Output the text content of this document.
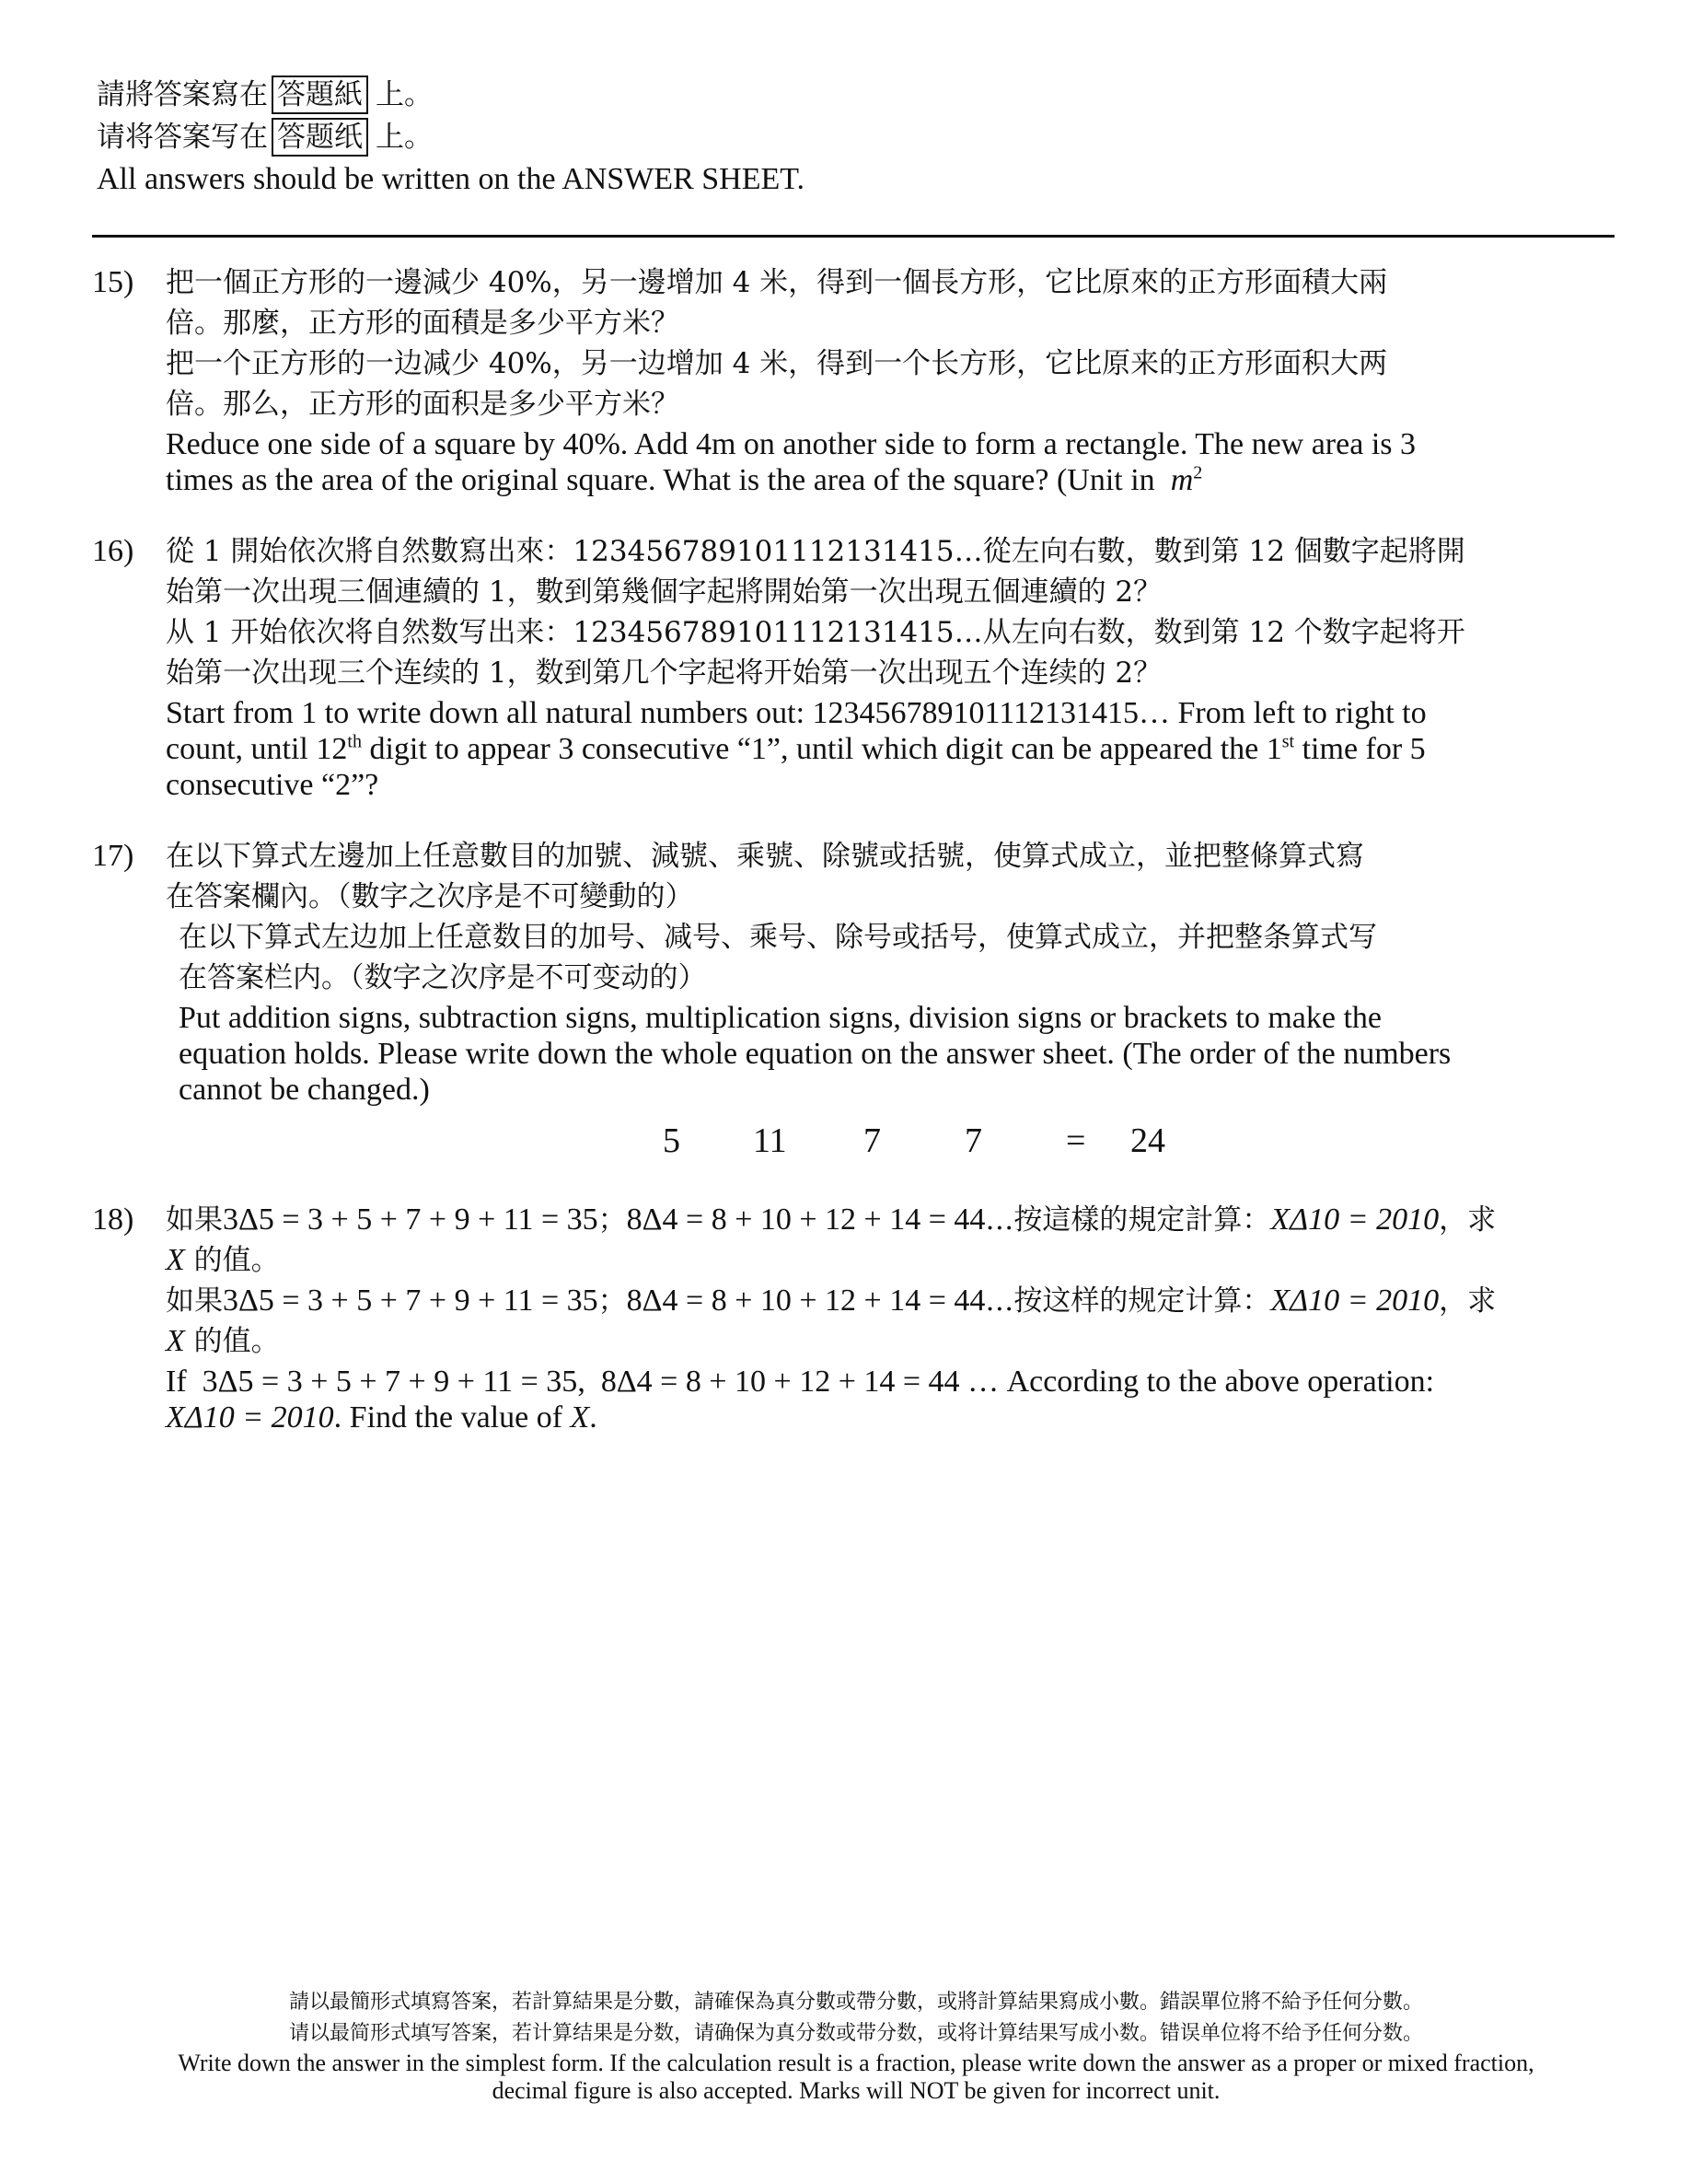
請將答案寫在 答題紙 上。
请将答案写在 答题纸 上。
All answers should be written on the ANSWER SHEET.
15) 把一個正方形的一邊減少 40%，另一邊增加 4 米，得到一個長方形，它比原來的正方形面積大兩

倍。那麼，正方形的面積是多少平方米？

把一个正方形的一边减少 40%，另一边增加 4 米，得到一个长方形，它比原来的正方形面积大两

倍。那么，正方形的面积是多少平方米？

Reduce one side of a square by 40%. Add 4m on another side to form a rectangle. The new area is 3

times as the area of the original square. What is the area of the square? (Unit in $m^2$

16) 從 1 開始依次將自然數寫出來：123456789101112131415…從左向右數，數到第 12 個數字起將開

始第一次出現三個連續的 1，數到第幾個字起將開始第一次出現五個連續的 2？

从 1 开始依次将自然数写出来：123456789101112131415…从左向右数，数到第 12 个数字起将开

始第一次出现三个连续的 1，数到第几个字起将开始第一次出现五个连续的 2？

Start from 1 to write down all natural numbers out: 123456789101112131415… From left to right to

count, until 12th digit to appear 3 consecutive “1”, until which digit can be appeared the 1st time for 5

consecutive “2”?

17) 在以下算式左邊加上任意數目的加號、減號、乘號、除號或括號，使算式成立，並把整條算式寫

在答案欄內。（數字之次序是不可變動的）

在以下算式左边加上任意数目的加号、减号、乘号、除号或括号，使算式成立，并把整条算式写

在答案栏内。（数字之次序是不可变动的）

Put addition signs, subtraction signs, multiplication signs, division signs or brackets to make the

equation holds. Please write down the whole equation on the answer sheet. (The order of the numbers

cannot be changed.)

5 11 7 7 = 24
18) 如果3Δ5 = 3 + 5 + 7 + 9 + 11 = 35；8Δ4 = 8 + 10 + 12 + 14 = 44…按這樣的規定計算：XΔ10 = 2010，求

X 的值。

如果3Δ5 = 3 + 5 + 7 + 9 + 11 = 35；8Δ4 = 8 + 10 + 12 + 14 = 44…按这样的规定计算：XΔ10 = 2010，求

X 的值。

If 3Δ5 = 3 + 5 + 7 + 9 + 11 = 35, 8Δ4 = 8 + 10 + 12 + 14 = 44 … According to the above operation:

XΔ10 = 2010. Find the value of X.

請以最簡形式填寫答案，若計算結果是分數，請確保為真分數或帶分數，或將計算結果寫成小數。錯誤單位將不給予任何分數。

请以最简形式填写答案，若计算结果是分数，请确保为真分数或带分数，或将计算结果写成小数。错误单位将不给予任何分数。

Write down the answer in the simplest form. If the calculation result is a fraction, please write down the answer as a proper or mixed fraction,

decimal figure is also accepted. Marks will NOT be given for incorrect unit.
